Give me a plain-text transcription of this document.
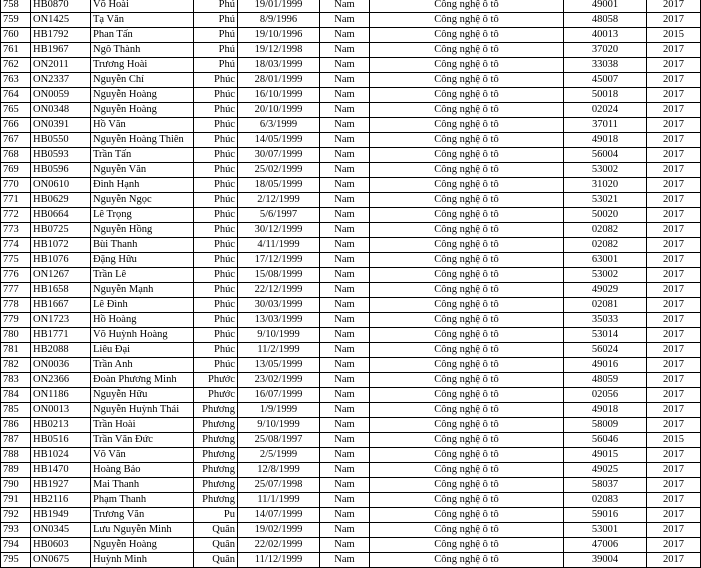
758	HB0870	Võ Hoài	Phú	19/01/1999	Nam	Công nghệ ô tô	49001	2017
759	ON1425	Tạ Văn	Phú	8/9/1996	Nam	Công nghệ ô tô	48058	2017
760	HB1792	Phan Tấn	Phú	19/10/1996	Nam	Công nghệ ô tô	40013	2015
761	HB1967	Ngô Thành	Phú	19/12/1998	Nam	Công nghệ ô tô	37020	2017
762	ON2011	Trương Hoài	Phú	18/03/1999	Nam	Công nghệ ô tô	33038	2017
763	ON2337	Nguyễn Chí	Phúc	28/01/1999	Nam	Công nghệ ô tô	45007	2017
764	ON0059	Nguyễn Hoàng	Phúc	16/10/1999	Nam	Công nghệ ô tô	50018	2017
765	ON0348	Nguyễn Hoàng	Phúc	20/10/1999	Nam	Công nghệ ô tô	02024	2017
766	ON0391	Hồ Văn	Phúc	6/3/1999	Nam	Công nghệ ô tô	37011	2017
767	HB0550	Nguyễn Hoàng Thiên	Phúc	14/05/1999	Nam	Công nghệ ô tô	49018	2017
768	HB0593	Trần Tấn	Phúc	30/07/1999	Nam	Công nghệ ô tô	56004	2017
769	HB0596	Nguyễn Văn	Phúc	25/02/1999	Nam	Công nghệ ô tô	53002	2017
770	ON0610	Đinh Hạnh	Phúc	18/05/1999	Nam	Công nghệ ô tô	31020	2017
771	HB0629	Nguyễn Ngọc	Phúc	2/12/1999	Nam	Công nghệ ô tô	53021	2017
772	HB0664	Lê Trọng	Phúc	5/6/1997	Nam	Công nghệ ô tô	50020	2017
773	HB0725	Nguyễn Hồng	Phúc	30/12/1999	Nam	Công nghệ ô tô	02082	2017
774	HB1072	Bùi Thanh	Phúc	4/11/1999	Nam	Công nghệ ô tô	02082	2017
775	HB1076	Đặng Hữu	Phúc	17/12/1999	Nam	Công nghệ ô tô	63001	2017
776	ON1267	Trần Lê	Phúc	15/08/1999	Nam	Công nghệ ô tô	53002	2017
777	HB1658	Nguyễn Mạnh	Phúc	22/12/1999	Nam	Công nghệ ô tô	49029	2017
778	HB1667	Lê Đình	Phúc	30/03/1999	Nam	Công nghệ ô tô	02081	2017
779	ON1723	Hồ Hoàng	Phúc	13/03/1999	Nam	Công nghệ ô tô	35033	2017
780	HB1771	Võ Huỳnh Hoàng	Phúc	9/10/1999	Nam	Công nghệ ô tô	53014	2017
781	HB2088	Liêu Đại	Phúc	11/2/1999	Nam	Công nghệ ô tô	56024	2017
782	ON0036	Trần Anh	Phúc	13/05/1999	Nam	Công nghệ ô tô	49016	2017
783	ON2366	Đoàn Phương Minh	Phước	23/02/1999	Nam	Công nghệ ô tô	48059	2017
784	ON1186	Nguyễn Hữu	Phước	16/07/1999	Nam	Công nghệ ô tô	02056	2017
785	ON0013	Nguyễn Huỳnh Thái	Phương	1/9/1999	Nam	Công nghệ ô tô	49018	2017
786	HB0213	Trần Hoài	Phương	9/10/1999	Nam	Công nghệ ô tô	58009	2017
787	HB0516	Trần Văn Đức	Phương	25/08/1997	Nam	Công nghệ ô tô	56046	2015
788	HB1024	Võ Văn	Phương	2/5/1999	Nam	Công nghệ ô tô	49015	2017
789	HB1470	Hoàng Bảo	Phương	12/8/1999	Nam	Công nghệ ô tô	49025	2017
790	HB1927	Mai Thanh	Phương	25/07/1998	Nam	Công nghệ ô tô	58037	2017
791	HB2116	Phạm Thanh	Phương	11/1/1999	Nam	Công nghệ ô tô	02083	2017
792	HB1949	Trương Văn	Pu	14/07/1999	Nam	Công nghệ ô tô	59016	2017
793	ON0345	Lưu Nguyễn Minh	Quân	19/02/1999	Nam	Công nghệ ô tô	53001	2017
794	HB0603	Nguyễn Hoàng	Quân	22/02/1999	Nam	Công nghệ ô tô	47006	2017
795	ON0675	Huỳnh Minh	Quân	11/12/1999	Nam	Công nghệ ô tô	39004	2017
